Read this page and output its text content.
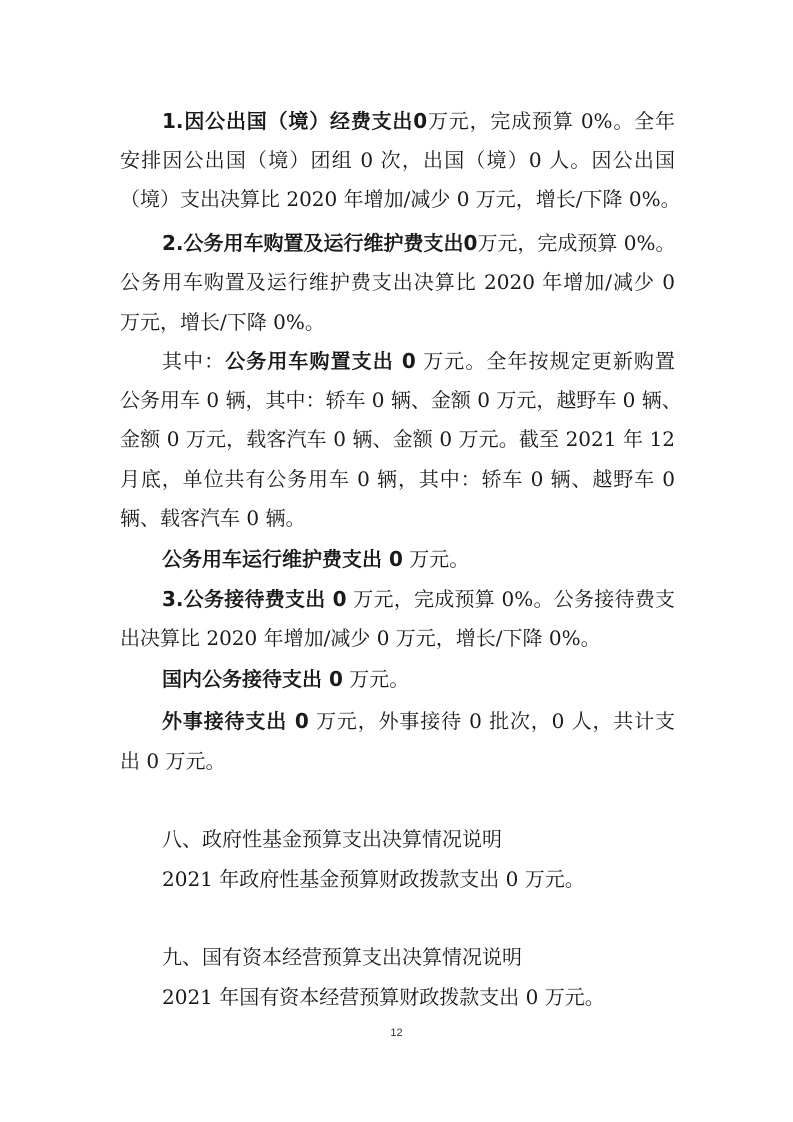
1.因公出国（境）经费支出0万元，完成预算 0%。全年
安排因公出国（境）团组 0 次，出国（境）0 人。因公出国
（境）支出决算比 2020 年增加/减少 0 万元，增长/下降 0%。
2.公务用车购置及运行维护费支出0万元，完成预算 0%。
公务用车购置及运行维护费支出决算比 2020 年增加/减少 0
万元，增长/下降 0%。
其中：公务用车购置支出 0 万元。全年按规定更新购置
公务用车 0 辆，其中：轿车 0 辆、金额 0 万元，越野车 0 辆、
金额 0 万元，载客汽车 0 辆、金额 0 万元。截至 2021 年 12
月底，单位共有公务用车 0 辆，其中：轿车 0 辆、越野车 0
辆、载客汽车 0 辆。
公务用车运行维护费支出 0 万元。
3.公务接待费支出 0 万元，完成预算 0%。公务接待费支
出决算比 2020 年增加/减少 0 万元，增长/下降 0%。
国内公务接待支出 0 万元。
外事接待支出 0 万元，外事接待 0 批次，0 人，共计支
出 0 万元。
八、政府性基金预算支出决算情况说明
2021 年政府性基金预算财政拨款支出 0 万元。
九、国有资本经营预算支出决算情况说明
2021 年国有资本经营预算财政拨款支出 0 万元。
12
